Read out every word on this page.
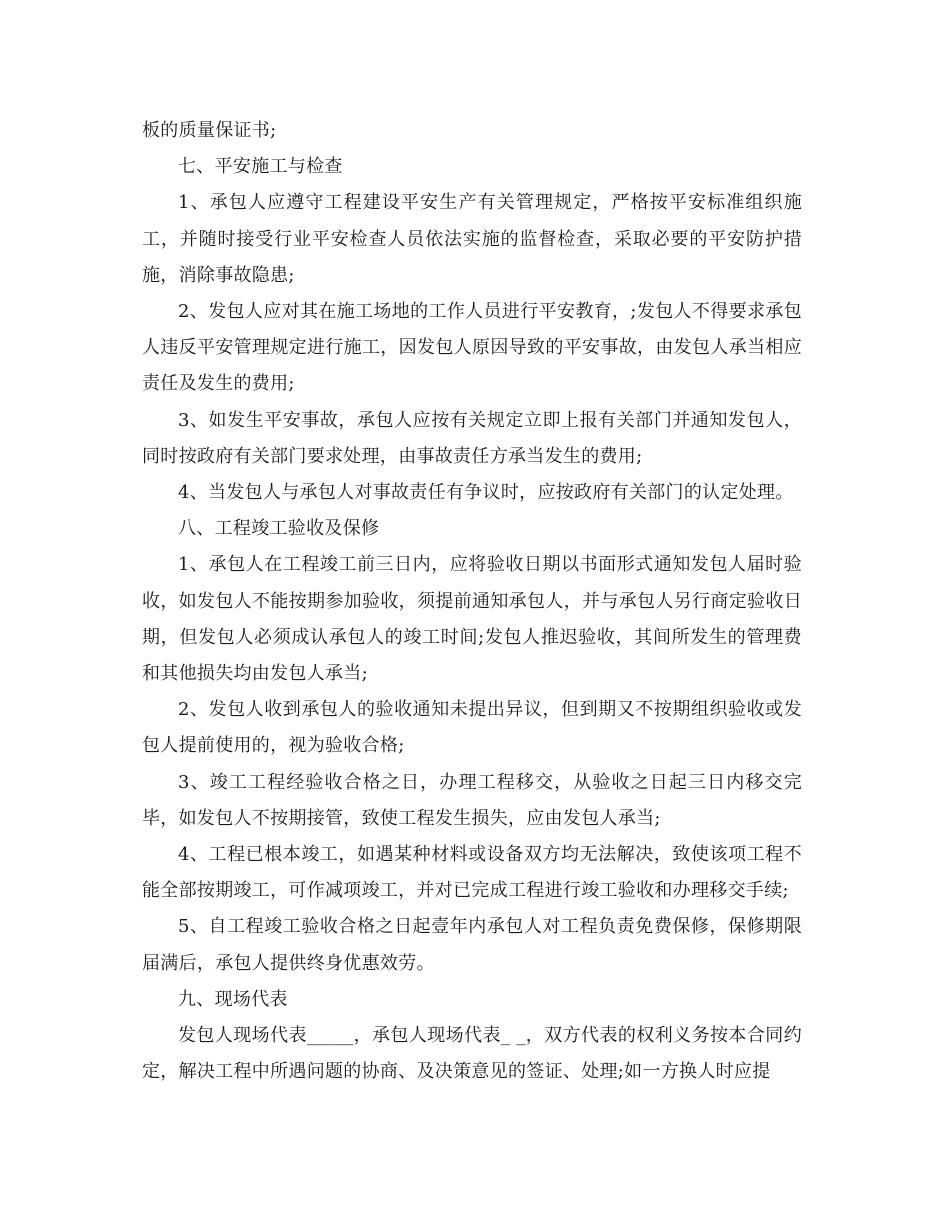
板的质量保证书;

七、平安施工与检查

1、承包人应遵守工程建设平安生产有关管理规定，严格按平安标准组织施工，并随时接受行业平安检查人员依法实施的监督检查，采取必要的平安防护措施，消除事故隐患;

2、发包人应对其在施工场地的工作人员进行平安教育，;发包人不得要求承包人违反平安管理规定进行施工，因发包人原因导致的平安事故，由发包人承当相应责任及发生的费用;

3、如发生平安事故，承包人应按有关规定立即上报有关部门并通知发包人，同时按政府有关部门要求处理，由事故责任方承当发生的费用;

4、当发包人与承包人对事故责任有争议时，应按政府有关部门的认定处理。

八、工程竣工验收及保修

1、承包人在工程竣工前三日内，应将验收日期以书面形式通知发包人届时验收，如发包人不能按期参加验收，须提前通知承包人，并与承包人另行商定验收日期，但发包人必须成认承包人的竣工时间;发包人推迟验收，其间所发生的管理费和其他损失均由发包人承当;

2、发包人收到承包人的验收通知未提出异议，但到期又不按期组织验收或发包人提前使用的，视为验收合格;

3、竣工工程经验收合格之日，办理工程移交，从验收之日起三日内移交完毕，如发包人不按期接管，致使工程发生损失，应由发包人承当;

4、工程已根本竣工，如遇某种材料或设备双方均无法解决，致使该项工程不能全部按期竣工，可作减项竣工，并对已完成工程进行竣工验收和办理移交手续;

5、自工程竣工验收合格之日起壹年内承包人对工程负责免费保修，保修期限届满后，承包人提供终身优惠效劳。

九、现场代表

发包人现场代表_____，承包人现场代表_ _，双方代表的权利义务按本合同约定，解决工程中所遇问题的协商、及决策意见的签证、处理;如一方换人时应提
